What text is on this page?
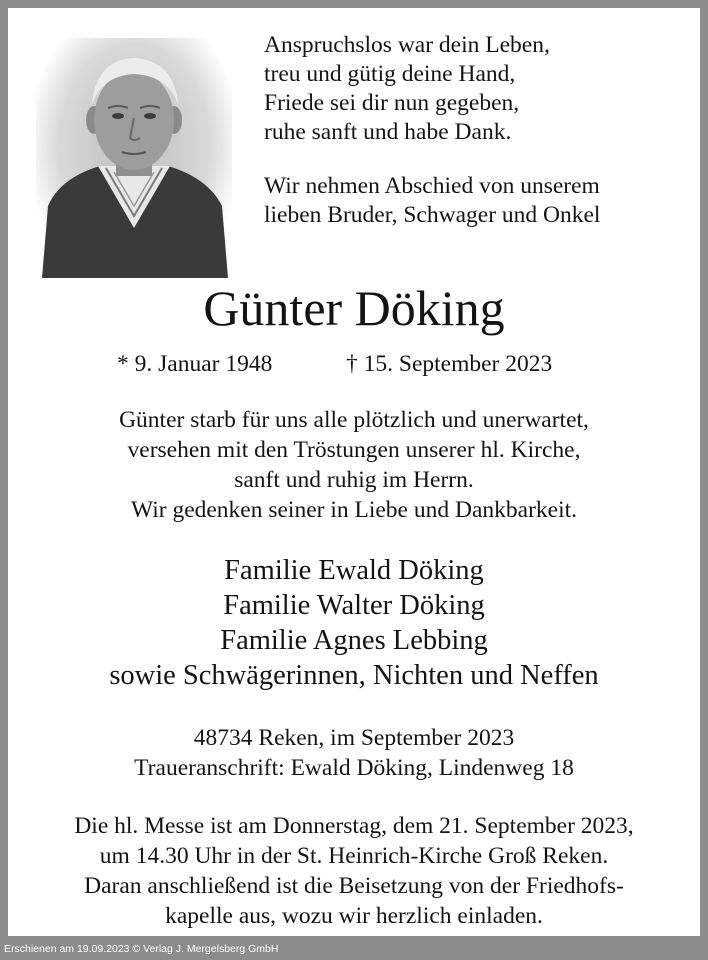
Anspruchslos war dein Leben,
treu und gütig deine Hand,
Friede sei dir nun gegeben,
ruhe sanft und habe Dank.
Wir nehmen Abschied von unserem
lieben Bruder, Schwager und Onkel
Günter Döking
* 9. Januar 1948	† 15. September 2023
Günter starb für uns alle plötzlich und unerwartet,
versehen mit den Tröstungen unserer hl. Kirche,
sanft und ruhig im Herrn.
Wir gedenken seiner in Liebe und Dankbarkeit.
Familie Ewald Döking
Familie Walter Döking
Familie Agnes Lebbing
sowie Schwägerinnen, Nichten und Neffen
48734 Reken, im September 2023
Traueranschrift: Ewald Döking, Lindenweg 18
Die hl. Messe ist am Donnerstag, dem 21. September 2023,
um 14.30 Uhr in der St. Heinrich-Kirche Groß Reken.
Daran anschließend ist die Beisetzung von der Friedhofs-
kapelle aus, wozu wir herzlich einladen.
Erschienen am 19.09.2023 © Verlag J. Mergelsberg GmbH
